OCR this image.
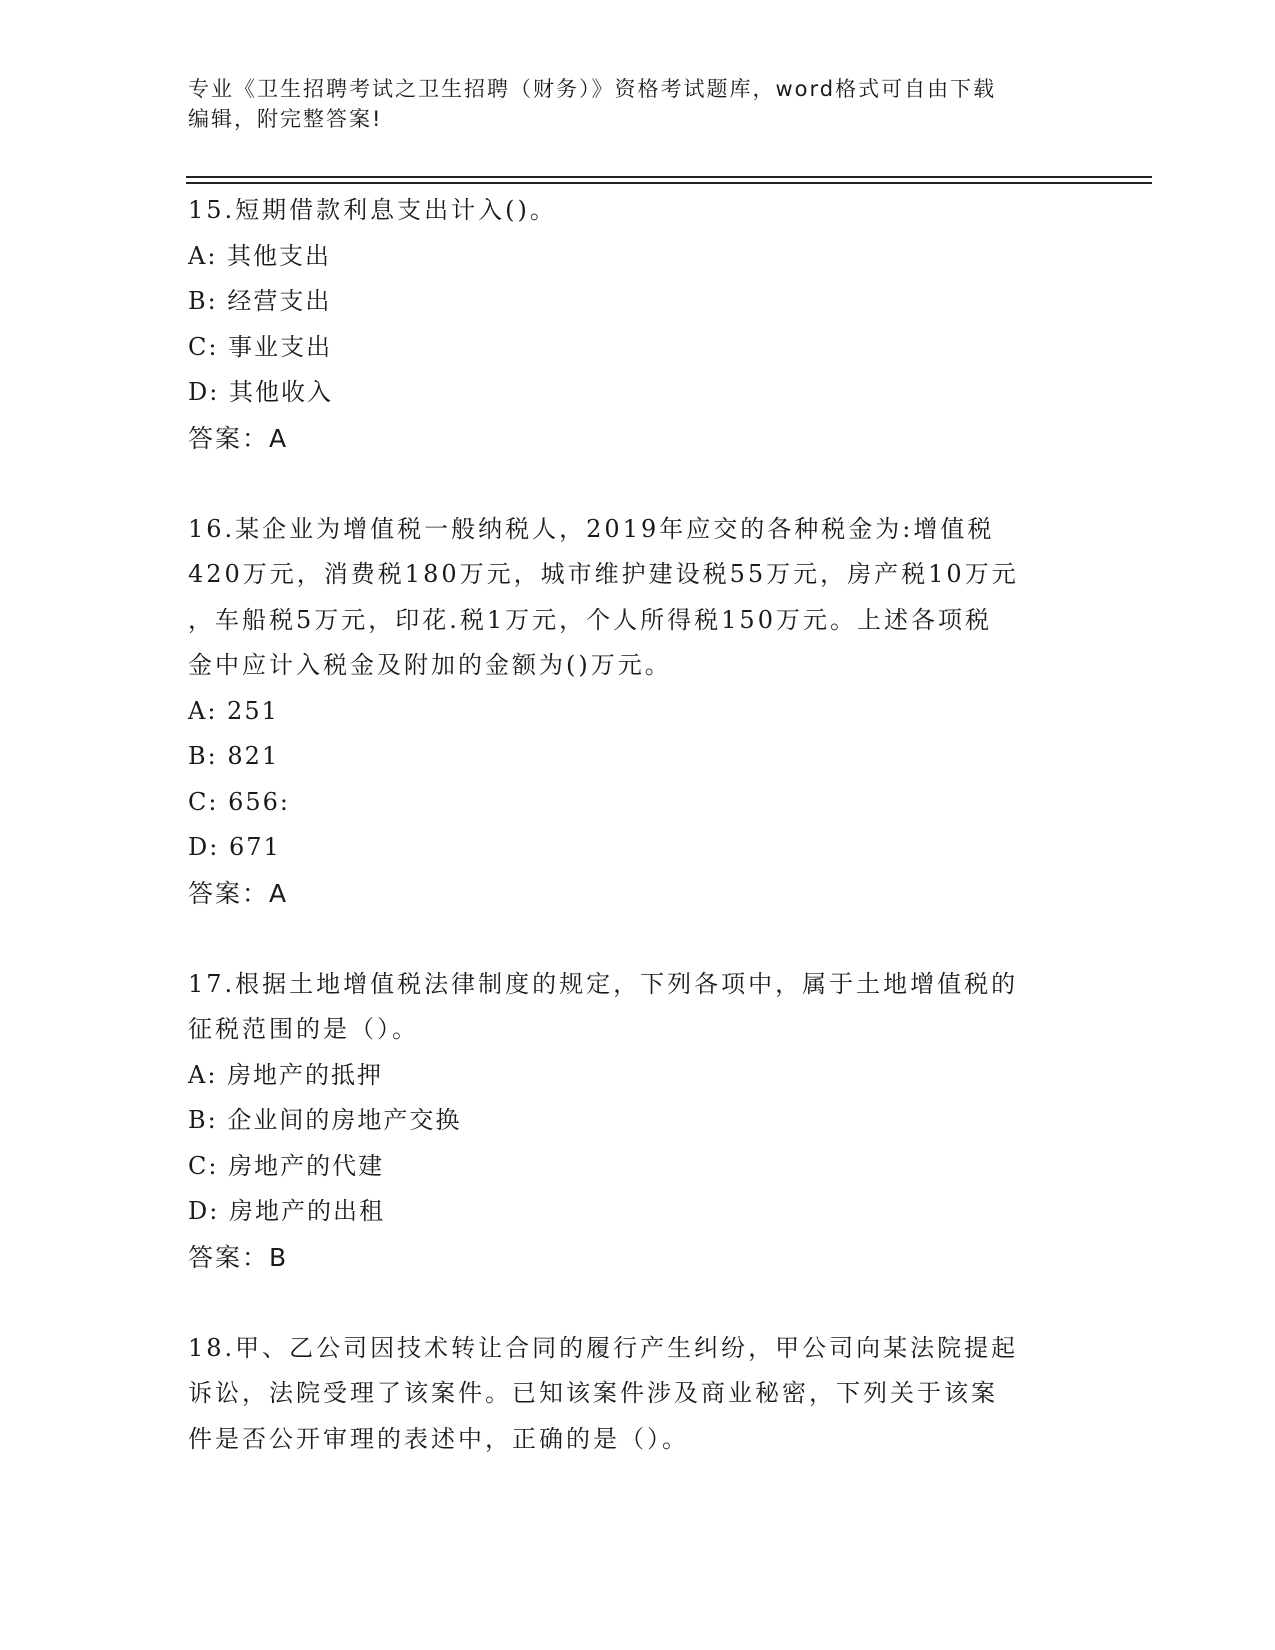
专业《卫生招聘考试之卫生招聘（财务）》资格考试题库，word格式可自由下载
编辑，附完整答案!
15.短期借款利息支出计入()。
A: 其他支出
B: 经营支出
C: 事业支出
D: 其他收入
答案：A
16.某企业为增值税一般纳税人，2019年应交的各种税金为:增值税
420万元，消费税180万元，城市维护建设税55万元，房产税10万元
，车船税5万元，印花.税1万元，个人所得税150万元。上述各项税
金中应计入税金及附加的金额为()万元。
A: 251
B: 821
C: 656:
D: 671
答案：A
17.根据土地增值税法律制度的规定，下列各项中，属于土地增值税的
征税范围的是（）。
A: 房地产的抵押
B: 企业间的房地产交换
C: 房地产的代建
D: 房地产的出租
答案：B
18.甲、乙公司因技术转让合同的履行产生纠纷，甲公司向某法院提起
诉讼，法院受理了该案件。已知该案件涉及商业秘密，下列关于该案
件是否公开审理的表述中，正确的是（）。
